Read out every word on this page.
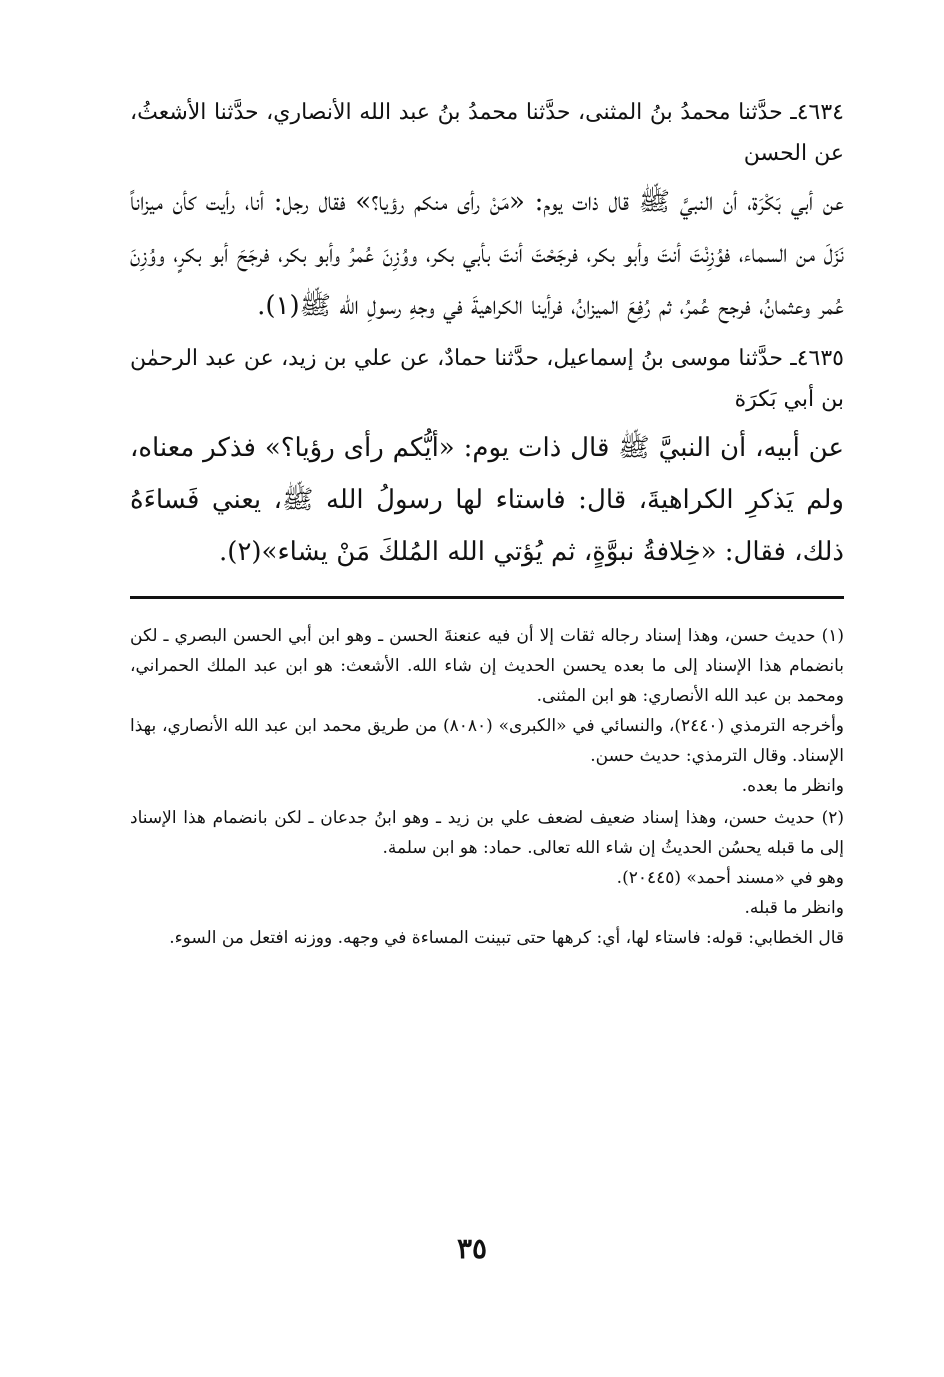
٤٦٣٤ـ حدَّثنا محمدُ بنُ المثنى، حدَّثنا محمدُ بنُ عبد الله الأنصاري، حدَّثنا الأشعثُ، عن الحسن

عن أبي بَكْرَة، أن النبيَّ ﷺ قال ذات يوم: «مَنْ رأى منكم رؤيا؟» فقال رجل: أنا، رأيت كأن ميزاناً نَزَلَ من السماء، فوُزِنْتَ أنتَ وأبو بكر، فرجَحْتَ أنتَ بأبي بكر، ووُزِنَ عُمرُ وأبو بكر، فرجَحَ أبو بكرٍ، ووُزِنَ عُمر وعثمانُ، فرجح عُمرُ، ثم رُفِعَ الميزانُ، فرأينا الكراهيةَ في وجهِ رسولِ الله ﷺ(١).

٤٦٣٥ـ حدَّثنا موسى بنُ إسماعيل، حدَّثنا حمادٌ، عن علي بن زيد، عن عبد الرحمٰن بن أبي بَكرَة

عن أبيه، أن النبيَّ ﷺ قال ذات يوم: «أيُّكم رأى رؤيا؟» فذكر معناه، ولم يَذكرِ الكراهيةَ، قال: فاستاء لها رسولُ الله ﷺ، يعني فَساءَهُ ذلك، فقال: «خِلافةُ نبوَّةٍ، ثم يُؤتي الله المُلكَ مَنْ يشاء»(٢).

(١) حديث حسن، وهذا إسناد رجاله ثقات إلا أن فيه عنعنةَ الحسن ـ وهو ابن أبي الحسن البصري ـ لكن بانضمام هذا الإسناد إلى ما بعده يحسن الحديث إن شاء الله. الأشعث: هو ابن عبد الملك الحمراني، ومحمد بن عبد الله الأنصاري: هو ابن المثنى.

وأخرجه الترمذي (٢٤٤٠)، والنسائي في «الكبرى» (٨٠٨٠) من طريق محمد ابن عبد الله الأنصاري، بهذا الإسناد. وقال الترمذي: حديث حسن.

وانظر ما بعده.

(٢) حديث حسن، وهذا إسناد ضعيف لضعف علي بن زيد ـ وهو ابنُ جدعان ـ لكن بانضمام هذا الإسناد إلى ما قبله يحسُن الحديثُ إن شاء الله تعالى. حماد: هو ابن سلمة.

وهو في «مسند أحمد» (٢٠٤٤٥).

وانظر ما قبله.

قال الخطابي: قوله: فاستاء لها، أي: كرهها حتى تبينت المساءة في وجهه. ووزنه افتعل من السوء.

٣٥
